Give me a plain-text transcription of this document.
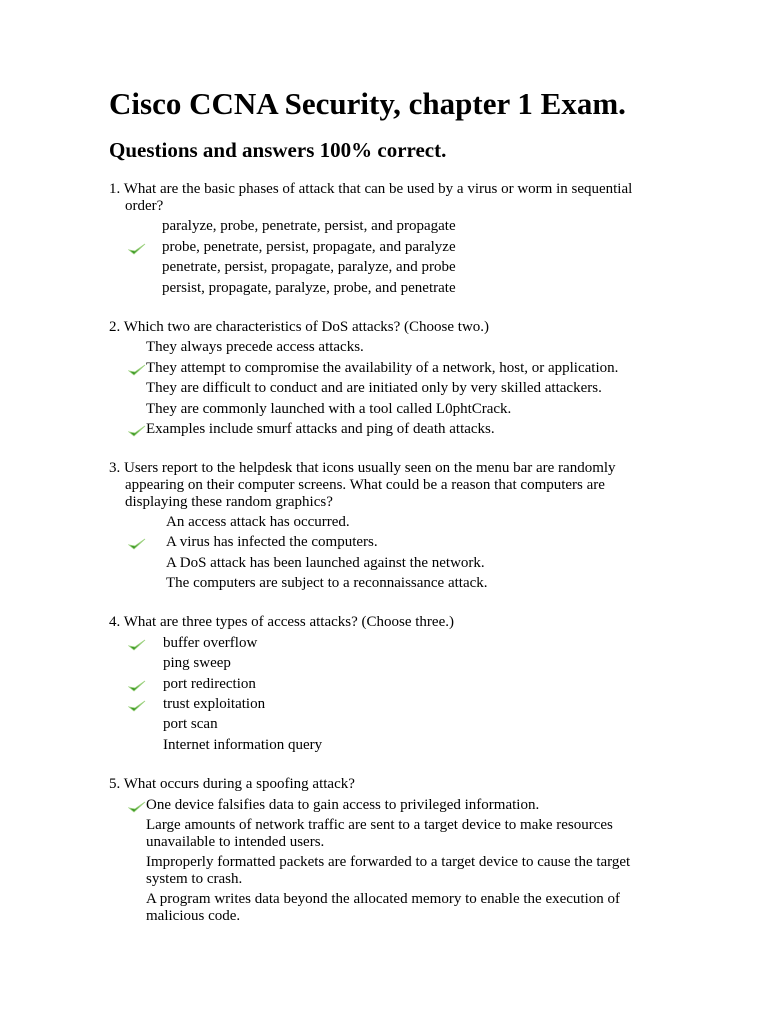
Cisco CCNA Security, chapter 1 Exam.
Questions and answers 100% correct.

1. What are the basic phases of attack that can be used by a virus or worm in sequential order?

paralyze, probe, penetrate, persist, and propagate
probe, penetrate, persist, propagate, and paralyze
penetrate, persist, propagate, paralyze, and probe
persist, propagate, paralyze, probe, and penetrate

2. Which two are characteristics of DoS attacks? (Choose two.)

They always precede access attacks.
They attempt to compromise the availability of a network, host, or application.
They are difficult to conduct and are initiated only by very skilled attackers.
They are commonly launched with a tool called L0phtCrack.
Examples include smurf attacks and ping of death attacks.

3. Users report to the helpdesk that icons usually seen on the menu bar are randomly appearing on their computer screens. What could be a reason that computers are displaying these random graphics?

An access attack has occurred.
A virus has infected the computers.
A DoS attack has been launched against the network.
The computers are subject to a reconnaissance attack.

4. What are three types of access attacks? (Choose three.)

buffer overflow
ping sweep
port redirection
trust exploitation
port scan
Internet information query

5. What occurs during a spoofing attack?

One device falsifies data to gain access to privileged information.
Large amounts of network traffic are sent to a target device to make resources unavailable to intended users.
Improperly formatted packets are forwarded to a target device to cause the target system to crash.
A program writes data beyond the allocated memory to enable the execution of malicious code.
